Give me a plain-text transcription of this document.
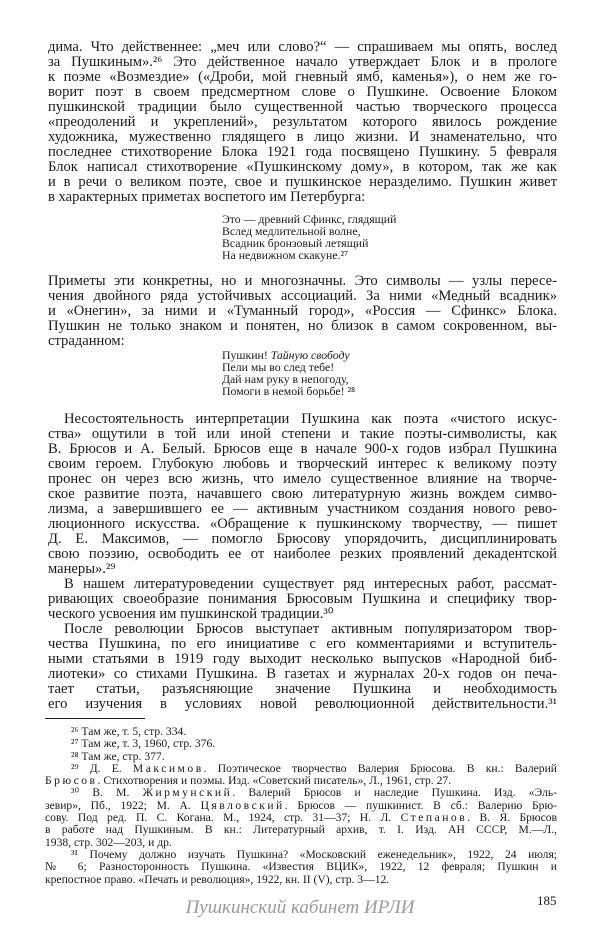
дима. Что действеннее: „меч или слово?“ — спрашиваем мы опять, вослед
за Пушкиным».²⁶ Это действенное начало утверждает Блок и в прологе
к поэме «Возмездие» («Дроби, мой гневный ямб, каменья»), о нем же го-
ворит поэт в своем предсмертном слове о Пушкине. Освоение Блоком
пушкинской традиции было существенной частью творческого процесса
«преодолений и укреплений», результатом которого явилось рождение
художника, мужественно глядящего в лицо жизни. И знаменательно, что
последнее стихотворение Блока 1921 года посвящено Пушкину. 5 февраля
Блок написал стихотворение «Пушкинскому дому», в котором, так же как
и в речи о великом поэте, свое и пушкинское неразделимо. Пушкин живет
в характерных приметах воспетого им Петербурга:
Это — древний Сфинкс, глядящий
Вслед медлительной волне,
Всадник бронзовый летящий
На недвижном скакуне.²⁷
Приметы эти конкретны, но и многозначны. Это символы — узлы пересе-
чения двойного ряда устойчивых ассоциаций. За ними «Медный всадник»
и «Онегин», за ними и «Туманный город», «Россия — Сфинкс» Блока.
Пушкин не только знаком и понятен, но близок в самом сокровенном, вы-
страданном:
Пушкин! Тайную свободу
Пели мы во след тебе!
Дай нам руку в непогоду,
Помоги в немой борьбе! ²⁸
Несостоятельность интерпретации Пушкина как поэта «чистого искус-
ства» ощутили в той или иной степени и такие поэты-символисты, как
В. Брюсов и А. Белый. Брюсов еще в начале 900-х годов избрал Пушкина
своим героем. Глубокую любовь и творческий интерес к великому поэту
пронес он через всю жизнь, что имело существенное влияние на творче-
ское развитие поэта, начавшего свою литературную жизнь вождем симво-
лизма, а завершившего ее — активным участником создания нового рево-
люционного искусства. «Обращение к пушкинскому творчеству, — пишет
Д. Е. Максимов, — помогло Брюсову упорядочить, дисциплинировать
свою поэзию, освободить ее от наиболее резких проявлений декадентской
манеры».²⁹
В нашем литературоведении существует ряд интересных работ, рассмат-
ривающих своеобразие понимания Брюсовым Пушкина и специфику твор-
ческого усвоения им пушкинской традиции.³⁰
После революции Брюсов выступает активным популяризатором твор-
чества Пушкина, по его инициативе с его комментариями и вступитель-
ными статьями в 1919 году выходит несколько выпусков «Народной биб-
лиотеки» со стихами Пушкина. В газетах и журналах 20-х годов он печа-
тает статьи, разъясняющие значение Пушкина и необходимость
его изучения в условиях новой революционной действительности.³¹
²⁶ Там же, т. 5, стр. 334.
²⁷ Там же, т. 3, 1960, стр. 376.
²⁸ Там же, стр. 377.
²⁹ Д. Е. Максимов. Поэтическое творчество Валерия Брюсова. В кн.: Валерий
Брюсов. Стихотворения и поэмы. Изд. «Советский писатель», Л., 1961, стр. 27.
³⁰ В. М. Жирмунский. Валерий Брюсов и наследие Пушкина. Изд. «Эль-
зевир», Пб., 1922; М. А. Цявловский. Брюсов — пушкинист. В сб.: Валерию Брю-
сову. Под ред. П. С. Когана. М., 1924, стр. 31—37; Н. Л. Степанов. В. Я. Брюсов
в работе над Пушкиным. В кн.: Литературный архив, т. I. Изд. АН СССР, М.—Л.,
1938, стр. 302—203, и др.
³¹ Почему должно изучать Пушкина? «Московский еженедельник», 1922, 24 июля;
№ 6; Разносторонность Пушкина. «Известия ВЦИК», 1922, 12 февраля; Пушкин и
крепостное право. «Печать и революция», 1922, кн. II (V), стр. 3—12.
185
Пушкинский кабинет ИРЛИ
